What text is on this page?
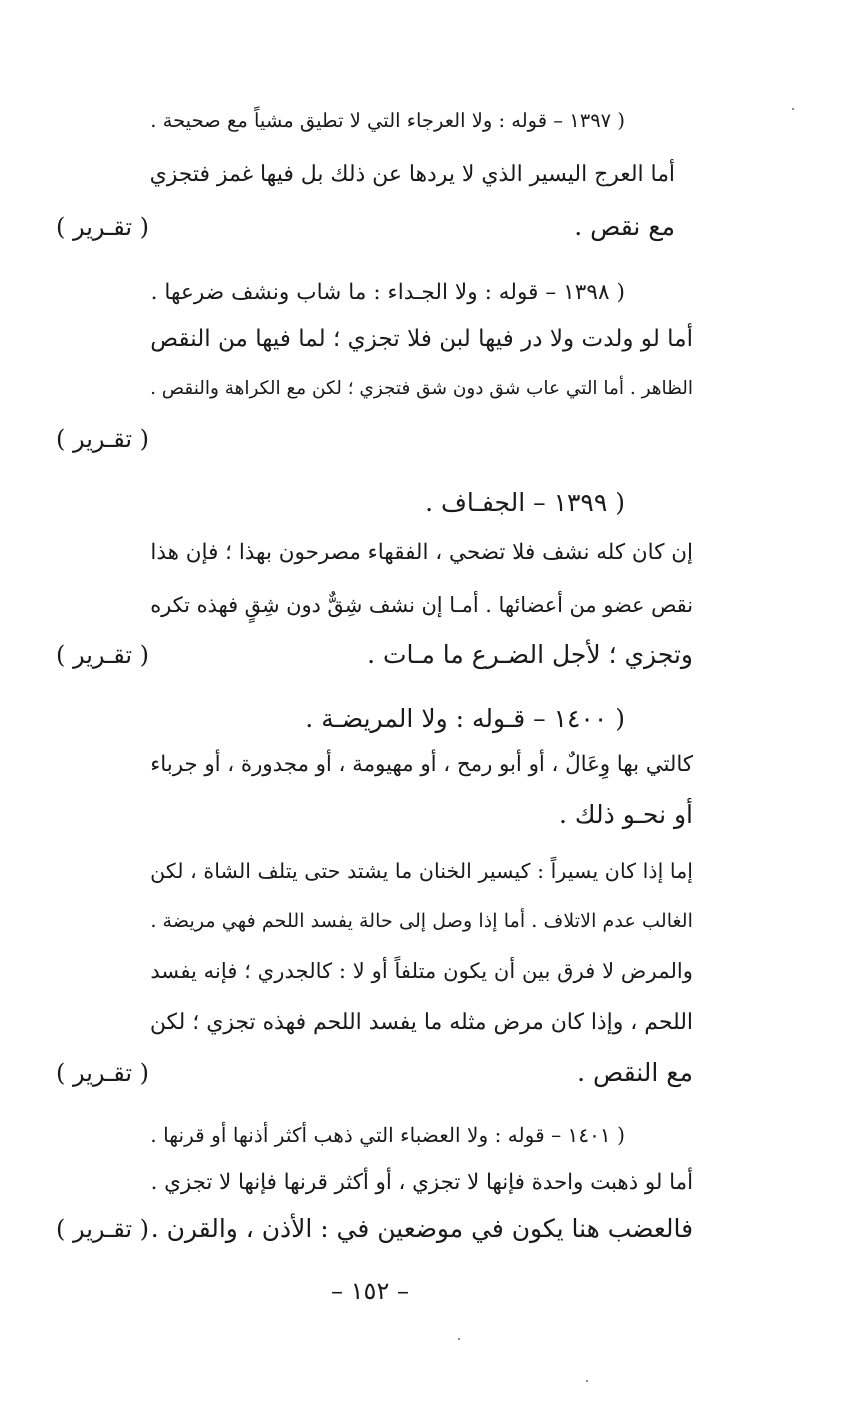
( ١٣٩٧ – قوله : ولا العرجاء التي لا تطيق مشياً مع صحيحة .
أما العرج اليسير الذي لا يردها عن ذلك بل فيها غمز فتجزي
مع نقص .
( تقـرير )
( ١٣٩٨ – قوله : ولا الجـداء : ما شاب ونشف ضرعها .
أما لو ولدت ولا در فيها لبن فلا تجزي ؛ لما فيها من النقص
الظاهر . أما التي عاب شق دون شق فتجزي ؛ لكن مع الكراهة والنقص .
( تقـرير )
( ١٣٩٩ – الجفـاف .
إن كان كله نشف فلا تضحي ، الفقهاء مصرحون بهذا ؛ فإن هذا
نقص عضو من أعضائها . أمـا إن نشف شِقٌّ دون شِقٍ فهذه تكره
وتجزي ؛ لأجل الضـرع ما مـات .
( تقـرير )
( ١٤٠٠ – قـوله : ولا المريضـة .
كالتي بها وِعَالٌ ، أو أبو رمح ، أو مهيومة ، أو مجدورة ، أو جرباء
أو نحـو ذلك .
إما إذا كان يسيراً : كيسير الخنان ما يشتد حتى يتلف الشاة ، لكن
الغالب عدم الاتلاف . أما إذا وصل إلى حالة يفسد اللحم فهي مريضة .
والمرض لا فرق بين أن يكون متلفاً أو لا : كالجدري ؛ فإنه يفسد
اللحم ، وإذا كان مرض مثله ما يفسد اللحم فهذه تجزي ؛ لكن
مع النقص .
( تقـرير )
( ١٤٠١ – قوله : ولا العضباء التي ذهب أكثر أذنها أو قرنها .
أما لو ذهبت واحدة فإنها لا تجزي ، أو أكثر قرنها فإنها لا تجزي .
فالعضب هنا يكون في موضعين في : الأذن ، والقرن .
( تقـرير )
– ١٥٢ –
